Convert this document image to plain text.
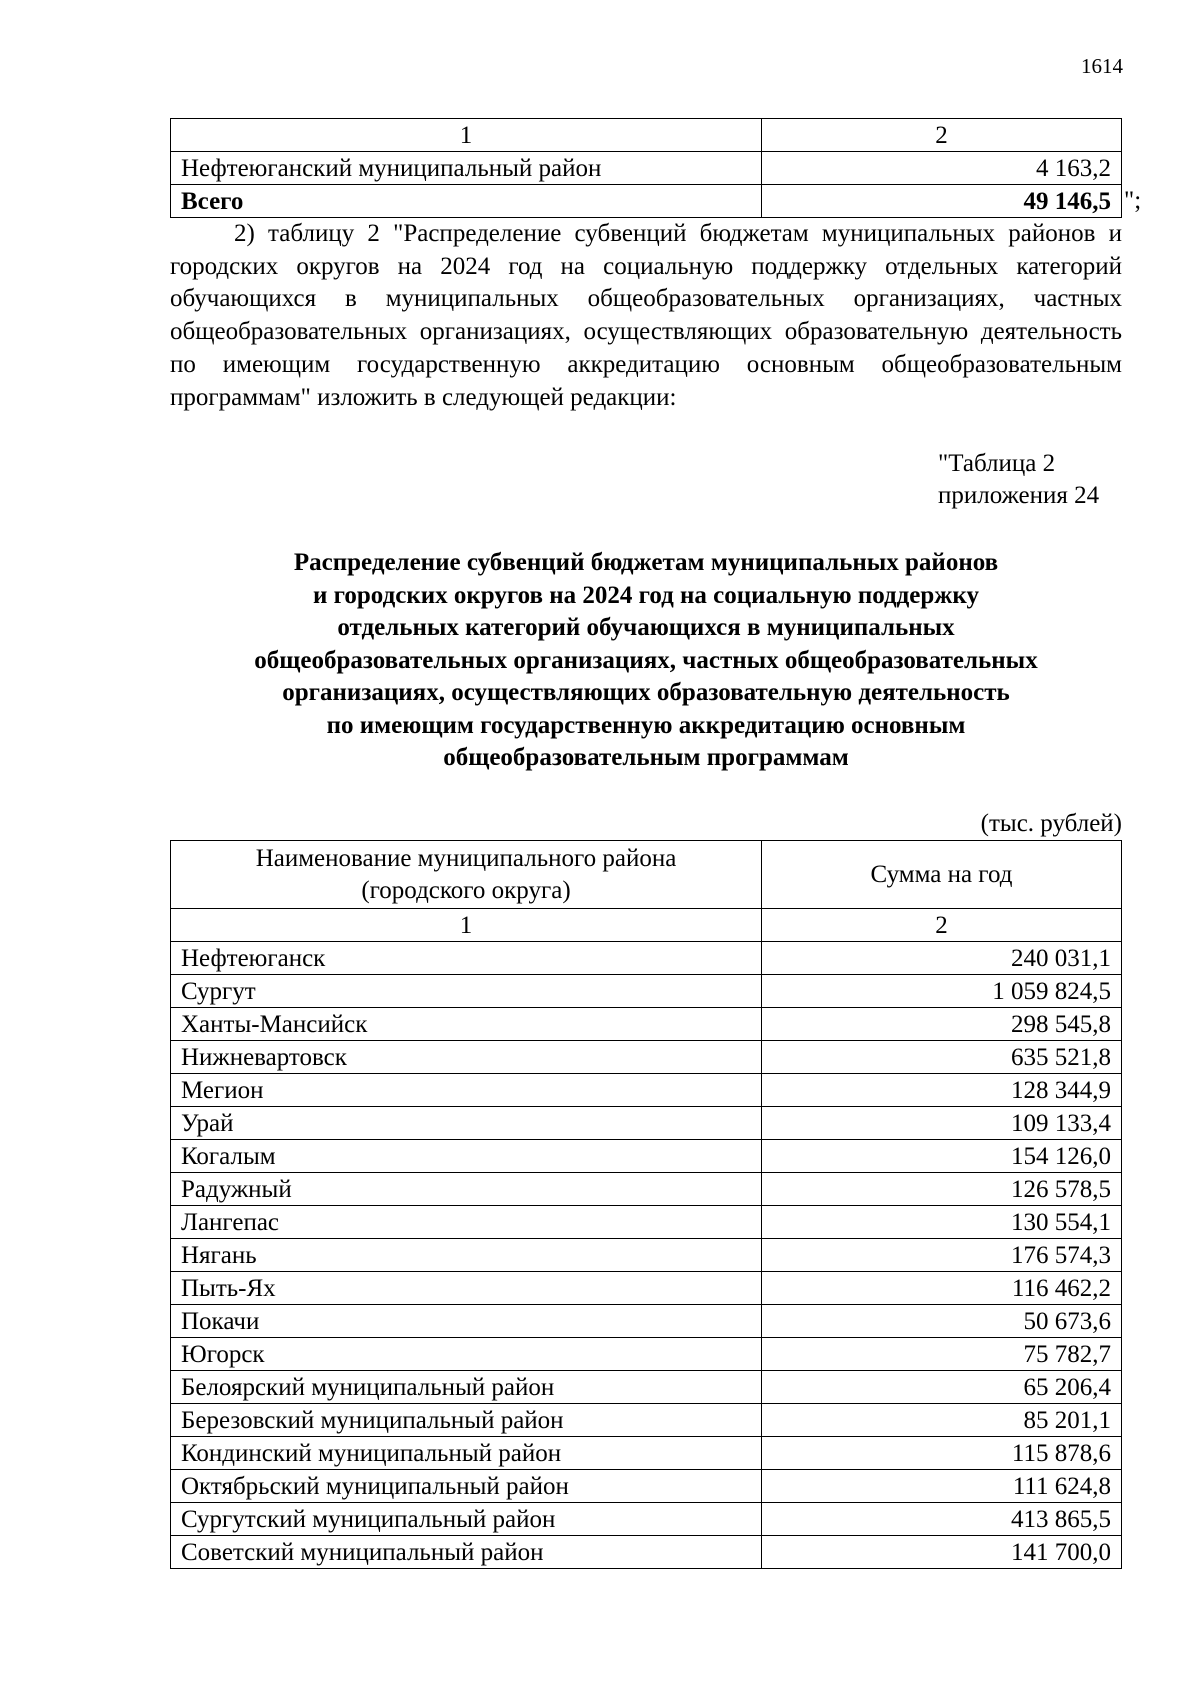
1614
1	2
Нефтеюганский муниципальный район	4 163,2
Всего	49 146,5 ";
2) таблицу 2 "Распределение субвенций бюджетам муниципальных районов и городских округов на 2024 год на социальную поддержку отдельных категорий обучающихся в муниципальных общеобразовательных организациях, частных общеобразовательных организациях, осуществляющих образовательную деятельность по имеющим государственную аккредитацию основным общеобразовательным программам" изложить в следующей редакции:
"Таблица 2
приложения 24
Распределение субвенций бюджетам муниципальных районов
и городских округов на 2024 год на социальную поддержку
отдельных категорий обучающихся в муниципальных
общеобразовательных организациях, частных общеобразовательных
организациях, осуществляющих образовательную деятельность
по имеющим государственную аккредитацию основным
общеобразовательным программам
(тыс. рублей)
Наименование муниципального района
(городского округа)	Сумма на год
1	2
Нефтеюганск	240 031,1
Сургут	1 059 824,5
Ханты-Мансийск	298 545,8
Нижневартовск	635 521,8
Мегион	128 344,9
Урай	109 133,4
Когалым	154 126,0
Радужный	126 578,5
Лангепас	130 554,1
Нягань	176 574,3
Пыть-Ях	116 462,2
Покачи	50 673,6
Югорск	75 782,7
Белоярский муниципальный район	65 206,4
Березовский муниципальный район	85 201,1
Кондинский муниципальный район	115 878,6
Октябрьский муниципальный район	111 624,8
Сургутский муниципальный район	413 865,5
Советский муниципальный район	141 700,0
